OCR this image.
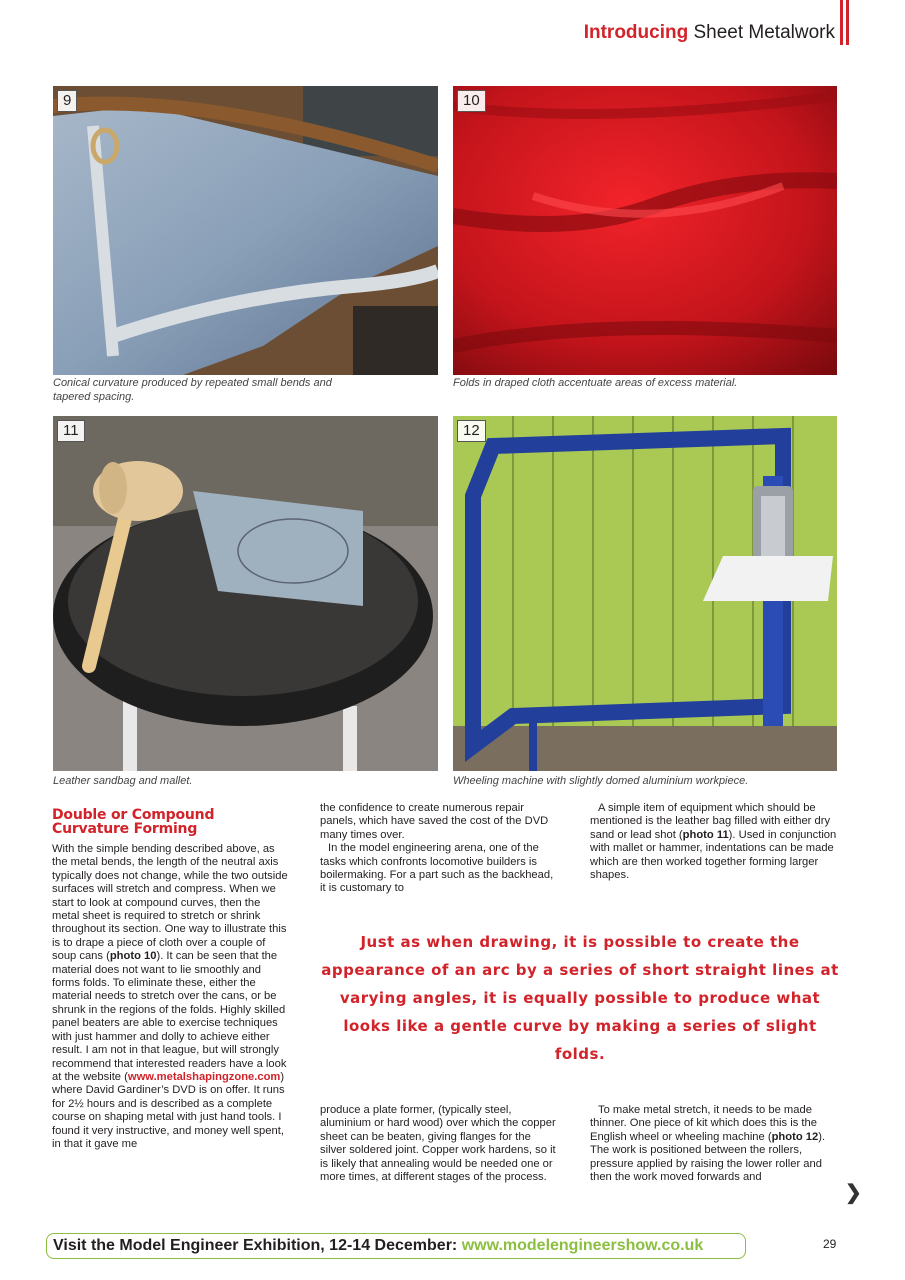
Introducing Sheet Metalwork
9
Conical curvature produced by repeated small bends and tapered spacing.
10
Folds in draped cloth accentuate areas of excess material.
11
Leather sandbag and mallet.
12
Wheeling machine with slightly domed aluminium workpiece.
Double or Compound Curvature Forming

With the simple bending described above, as the metal bends, the length of the neutral axis typically does not change, while the two outside surfaces will stretch and compress. When we start to look at compound curves, then the metal sheet is required to stretch or shrink throughout its section. One way to illustrate this is to drape a piece of cloth over a couple of soup cans (photo 10). It can be seen that the material does not want to lie smoothly and forms folds. To eliminate these, either the material needs to stretch over the cans, or be shrunk in the regions of the folds. Highly skilled panel beaters are able to exercise techniques with just hammer and dolly to achieve either result. I am not in that league, but will strongly recommend that interested readers have a look at the website (www.metalshapingzone.com) where David Gardiner’s DVD is on offer. It runs for 2½ hours and is described as a complete course on shaping metal with just hand tools. I found it very instructive, and money well spent, in that it gave me

the confidence to create numerous repair panels, which have saved the cost of the DVD many times over.

In the model engineering arena, one of the tasks which confronts locomotive builders is boilermaking. For a part such as the backhead, it is customary to

A simple item of equipment which should be mentioned is the leather bag filled with either dry sand or lead shot (photo 11). Used in conjunction with mallet or hammer, indentations can be made which are then worked together forming larger shapes.

Just as when drawing, it is possible to create the appearance of an arc by a series of short straight lines at varying angles, it is equally possible to produce what looks like a gentle curve by making a series of slight folds.

produce a plate former, (typically steel, aluminium or hard wood) over which the copper sheet can be beaten, giving flanges for the silver soldered joint. Copper work hardens, so it is likely that annealing would be needed one or more times, at different stages of the process.

To make metal stretch, it needs to be made thinner. One piece of kit which does this is the English wheel or wheeling machine (photo 12). The work is positioned between the rollers, pressure applied by raising the lower roller and then the work moved forwards and

❯
Visit the Model Engineer Exhibition, 12-14 December: www.modelengineershow.co.uk	29
